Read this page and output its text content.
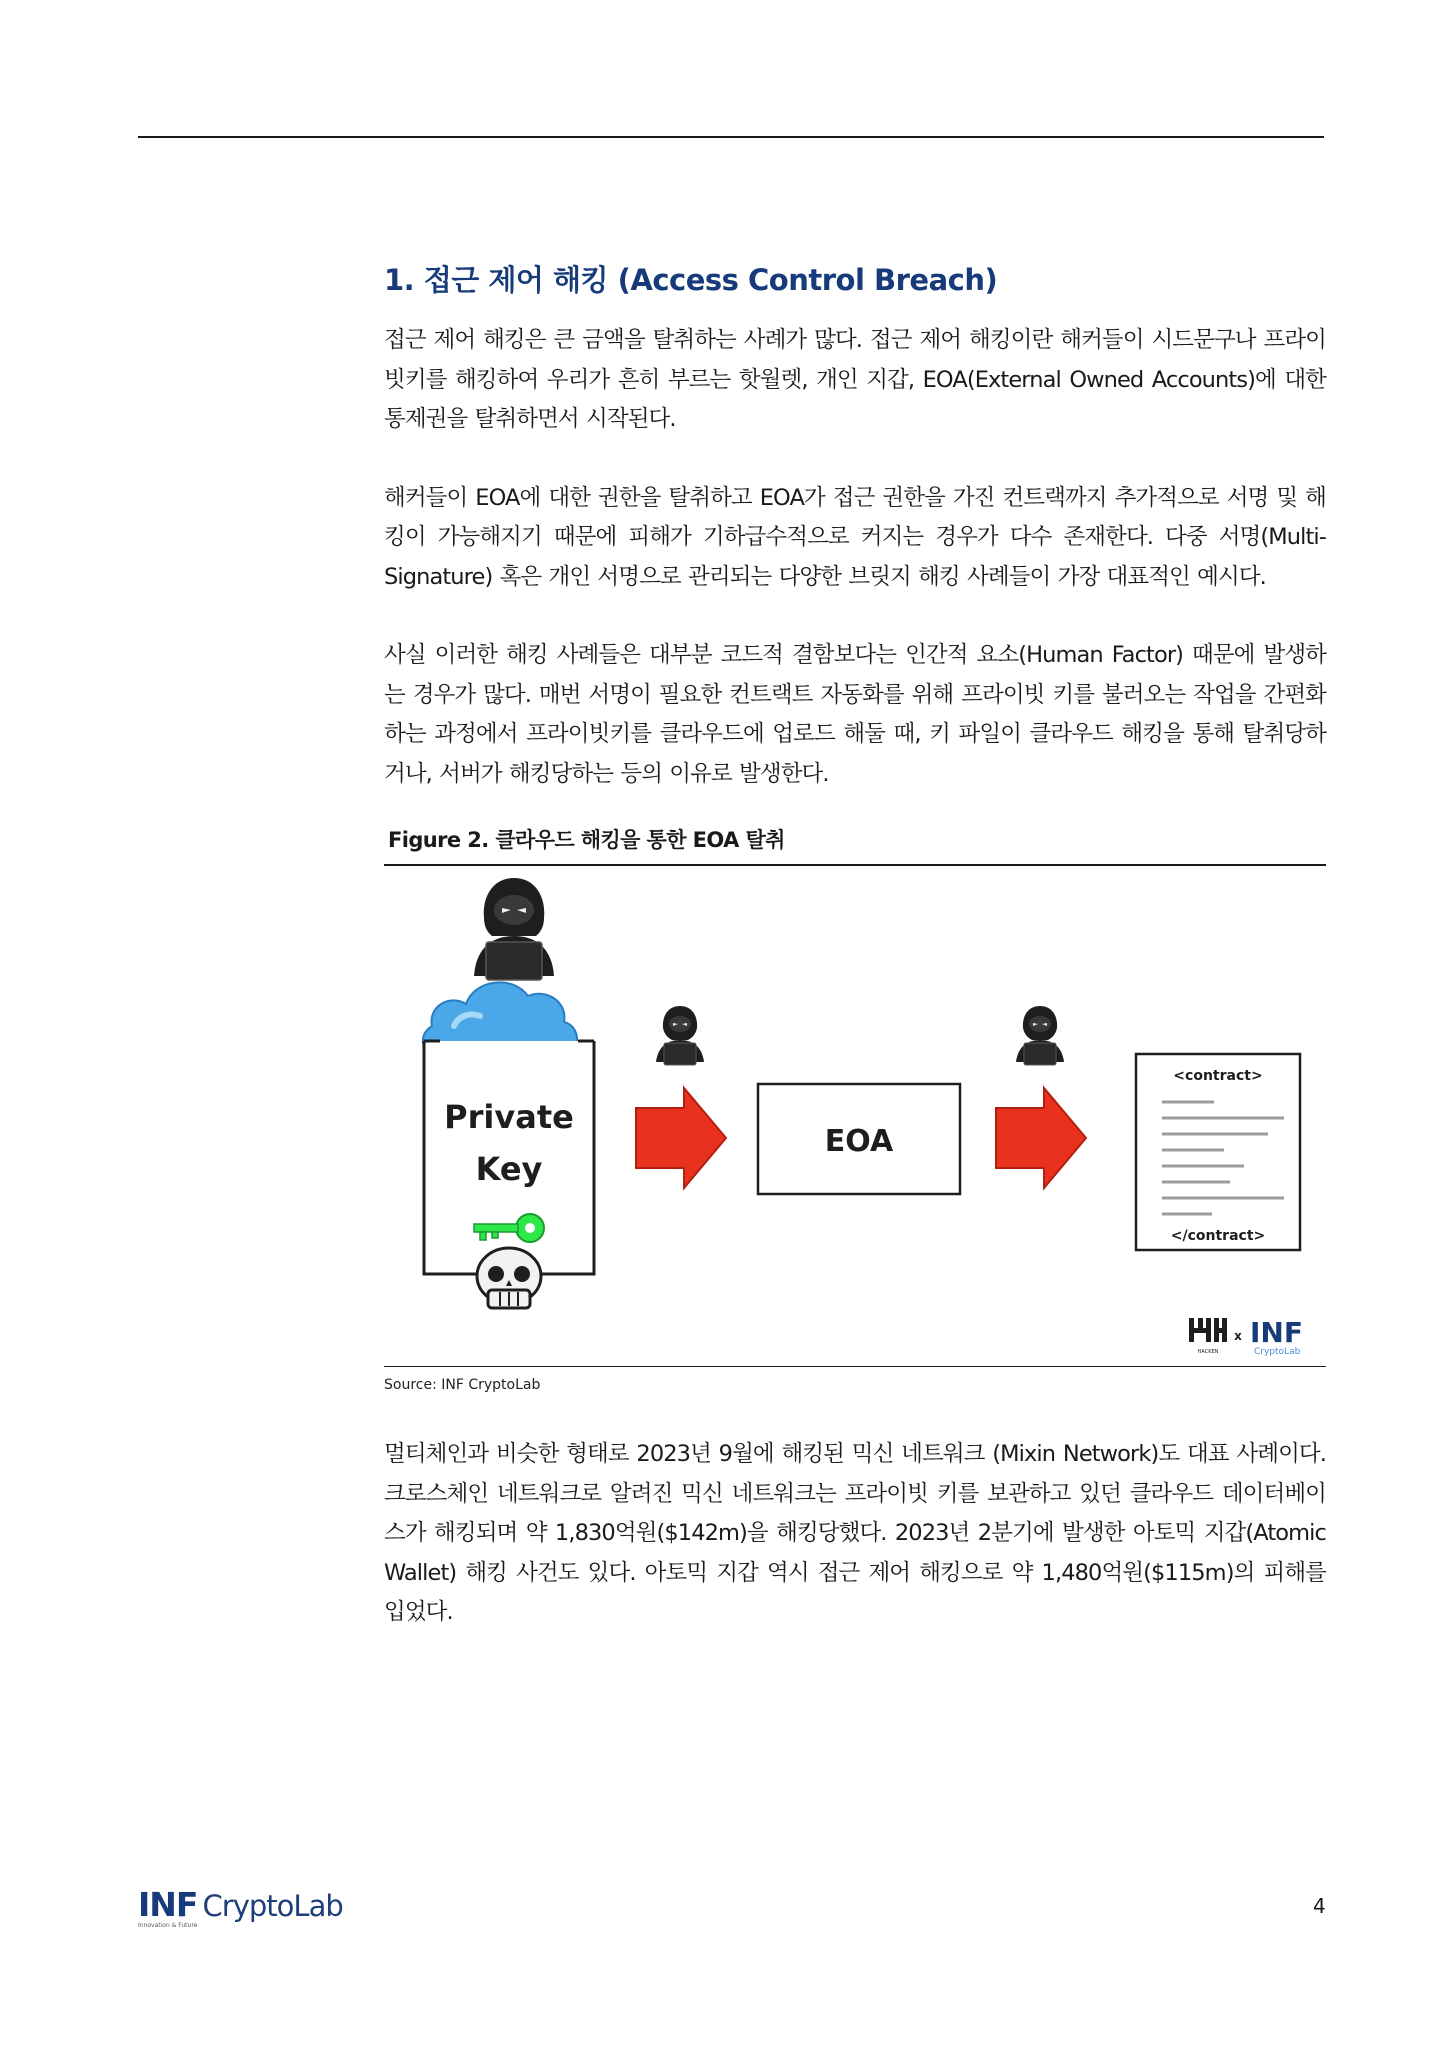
1. 접근 제어 해킹 (Access Control Breach)

접근 제어 해킹은 큰 금액을 탈취하는 사례가 많다. 접근 제어 해킹이란 해커들이 시드문구나 프라이빗키를 해킹하여 우리가 흔히 부르는 핫월렛, 개인 지갑, EOA(External Owned Accounts)에 대한 통제권을 탈취하면서 시작된다.

해커들이 EOA에 대한 권한을 탈취하고 EOA가 접근 권한을 가진 컨트랙까지 추가적으로 서명 및 해킹이 가능해지기 때문에 피해가 기하급수적으로 커지는 경우가 다수 존재한다. 다중 서명(Multi-Signature) 혹은 개인 서명으로 관리되는 다양한 브릿지 해킹 사례들이 가장 대표적인 예시다.

사실 이러한 해킹 사례들은 대부분 코드적 결함보다는 인간적 요소(Human Factor) 때문에 발생하는 경우가 많다. 매번 서명이 필요한 컨트랙트 자동화를 위해 프라이빗 키를 불러오는 작업을 간편화하는 과정에서 프라이빗키를 클라우드에 업로드 해둘 때, 키 파일이 클라우드 해킹을 통해 탈취당하거나, 서버가 해킹당하는 등의 이유로 발생한다.

Figure 2. 클라우드 해킹을 통한 EOA 탈취
Private
Key
EOA
<contract>
</contract>
HACKEN
x INF
CryptoLab
Source: INF CryptoLab

멀티체인과 비슷한 형태로 2023년 9월에 해킹된 믹신 네트워크 (Mixin Network)도 대표 사례이다. 크로스체인 네트워크로 알려진 믹신 네트워크는 프라이빗 키를 보관하고 있던 클라우드 데이터베이스가 해킹되며 약 1,830억원($142m)을 해킹당했다. 2023년 2분기에 발생한 아토믹 지갑(Atomic Wallet) 해킹 사건도 있다. 아토믹 지갑 역시 접근 제어 해킹으로 약 1,480억원($115m)의 피해를 입었다.

INF CryptoLab
Innovation & Future
4
